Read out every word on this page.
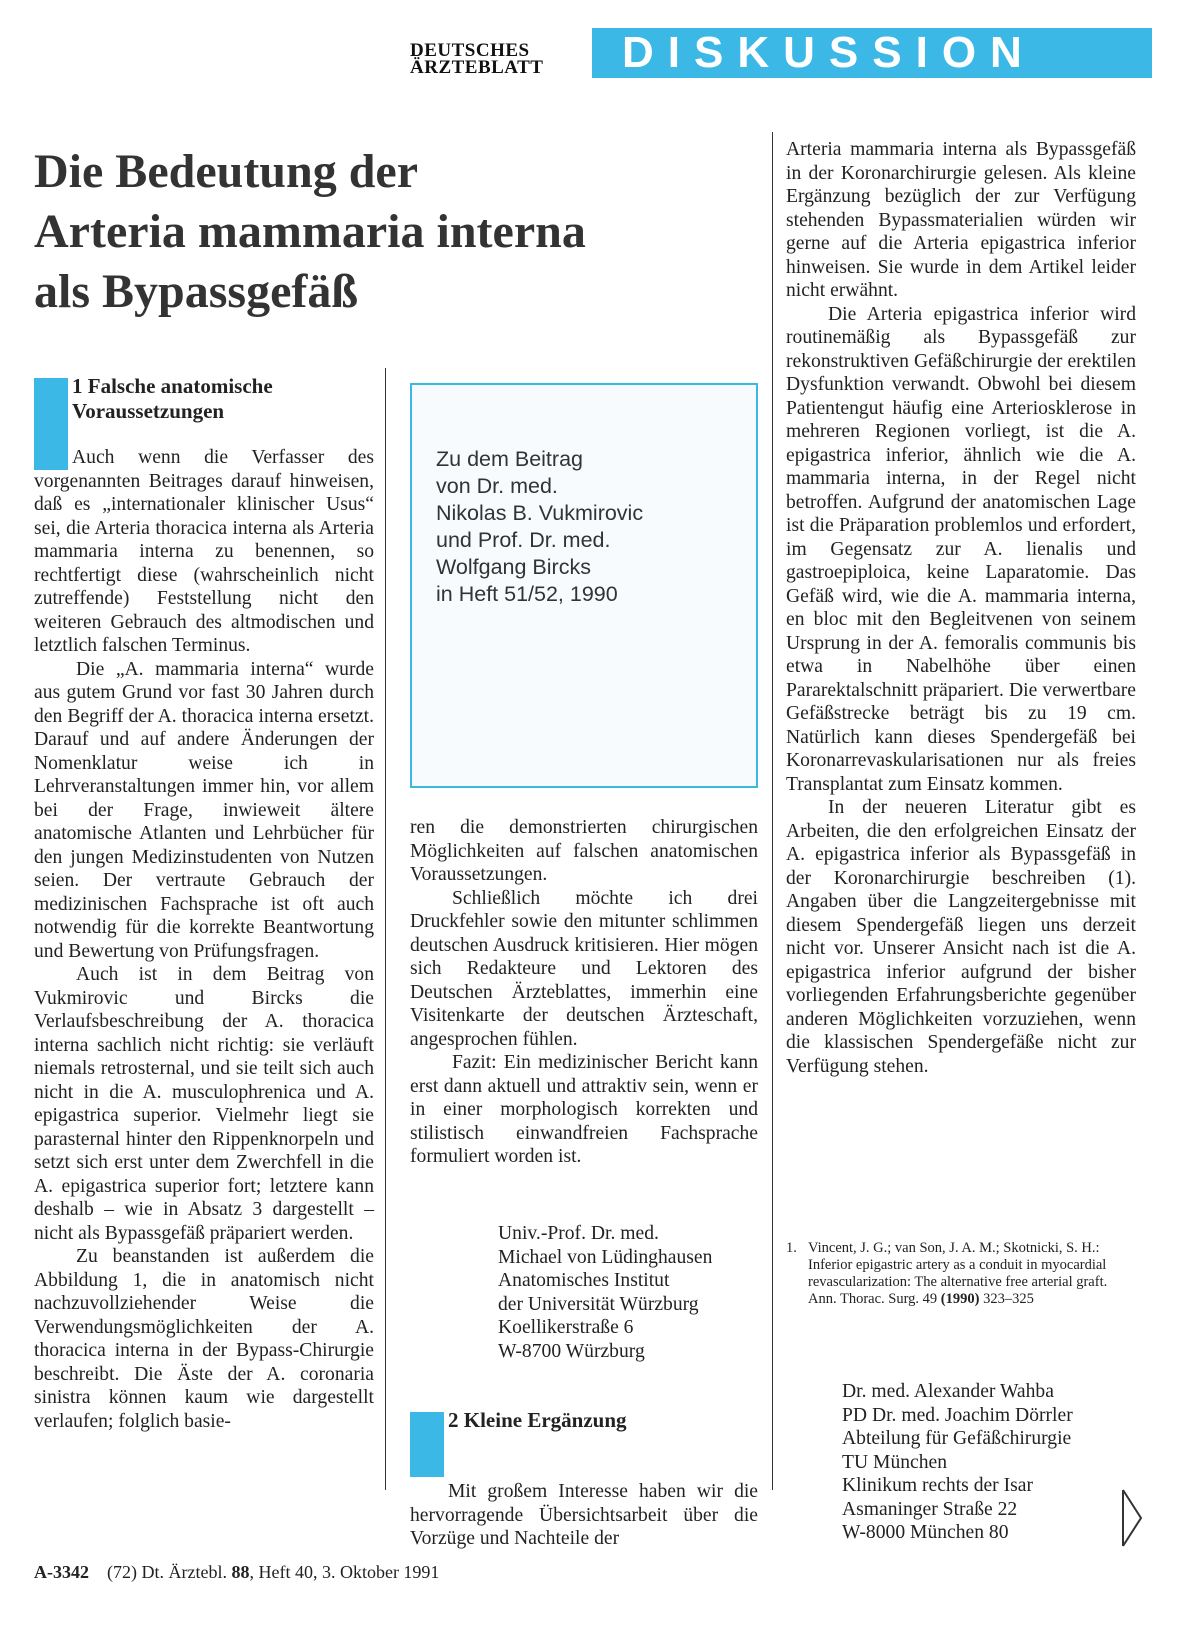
DEUTSCHES
ÄRZTEBLATT	DISKUSSION
Die Bedeutung der
Arteria mammaria interna
als Bypassgefäß
1 Falsche anatomische
Voraussetzungen

Auch wenn die Verfasser des vorgenannten Beitrages darauf hinweisen, daß es „internationaler klinischer Usus“ sei, die Arteria thoracica interna als Arteria mammaria interna zu benennen, so rechtfertigt diese (wahrscheinlich nicht zutreffende) Feststellung nicht den weiteren Gebrauch des altmodischen und letztlich falschen Terminus.

Die „A. mammaria interna“ wurde aus gutem Grund vor fast 30 Jahren durch den Begriff der A. thoracica interna ersetzt. Darauf und auf andere Änderungen der Nomenklatur weise ich in Lehrveranstaltungen immer hin, vor allem bei der Frage, inwieweit ältere anatomische Atlanten und Lehrbücher für den jungen Medizinstudenten von Nutzen seien. Der vertraute Gebrauch der medizinischen Fachsprache ist oft auch notwendig für die korrekte Beantwortung und Bewertung von Prüfungsfragen.

Auch ist in dem Beitrag von Vukmirovic und Bircks die Verlaufsbeschreibung der A. thoracica interna sachlich nicht richtig: sie verläuft niemals retrosternal, und sie teilt sich auch nicht in die A. musculophrenica und A. epigastrica superior. Vielmehr liegt sie parasternal hinter den Rippenknorpeln und setzt sich erst unter dem Zwerchfell in die A. epigastrica superior fort; letztere kann deshalb – wie in Absatz 3 dargestellt – nicht als Bypassgefäß präpariert werden.

Zu beanstanden ist außerdem die Abbildung 1, die in anatomisch nicht nachzuvollziehender Weise die Verwendungsmöglichkeiten der A. thoracica interna in der Bypass-Chirurgie beschreibt. Die Äste der A. coronaria sinistra können kaum wie dargestellt verlaufen; folglich basie-

Zu dem Beitrag
von Dr. med.
Nikolas B. Vukmirovic
und Prof. Dr. med.
Wolfgang Bircks
in Heft 51/52, 1990

ren die demonstrierten chirurgischen Möglichkeiten auf falschen anatomischen Voraussetzungen.

Schließlich möchte ich drei Druckfehler sowie den mitunter schlimmen deutschen Ausdruck kritisieren. Hier mögen sich Redakteure und Lektoren des Deutschen Ärzteblattes, immerhin eine Visitenkarte der deutschen Ärzteschaft, angesprochen fühlen.

Fazit: Ein medizinischer Bericht kann erst dann aktuell und attraktiv sein, wenn er in einer morphologisch korrekten und stilistisch einwandfreien Fachsprache formuliert worden ist.

Univ.-Prof. Dr. med.
Michael von Lüdinghausen
Anatomisches Institut
der Universität Würzburg
Koellikerstraße 6
W-8700 Würzburg
2 Kleine Ergänzung

Mit großem Interesse haben wir die hervorragende Übersichtsarbeit über die Vorzüge und Nachteile der

Arteria mammaria interna als Bypassgefäß in der Koronarchirurgie gelesen. Als kleine Ergänzung bezüglich der zur Verfügung stehenden Bypassmaterialien würden wir gerne auf die Arteria epigastrica inferior hinweisen. Sie wurde in dem Artikel leider nicht erwähnt.

Die Arteria epigastrica inferior wird routinemäßig als Bypassgefäß zur rekonstruktiven Gefäßchirurgie der erektilen Dysfunktion verwandt. Obwohl bei diesem Patientengut häufig eine Arteriosklerose in mehreren Regionen vorliegt, ist die A. epigastrica inferior, ähnlich wie die A. mammaria interna, in der Regel nicht betroffen. Aufgrund der anatomischen Lage ist die Präparation problemlos und erfordert, im Gegensatz zur A. lienalis und gastroepiploica, keine Laparatomie. Das Gefäß wird, wie die A. mammaria interna, en bloc mit den Begleitvenen von seinem Ursprung in der A. femoralis communis bis etwa in Nabelhöhe über einen Pararektalschnitt präpariert. Die verwertbare Gefäßstrecke beträgt bis zu 19 cm. Natürlich kann dieses Spendergefäß bei Koronarrevaskularisationen nur als freies Transplantat zum Einsatz kommen.

In der neueren Literatur gibt es Arbeiten, die den erfolgreichen Einsatz der A. epigastrica inferior als Bypassgefäß in der Koronarchirurgie beschreiben (1). Angaben über die Langzeitergebnisse mit diesem Spendergefäß liegen uns derzeit nicht vor. Unserer Ansicht nach ist die A. epigastrica inferior aufgrund der bisher vorliegenden Erfahrungsberichte gegenüber anderen Möglichkeiten vorzuziehen, wenn die klassischen Spendergefäße nicht zur Verfügung stehen.

1. Vincent, J. G.; van Son, J. A. M.; Skotnicki, S. H.: Inferior epigastric artery as a conduit in myocardial revascularization: The alternative free arterial graft. Ann. Thorac. Surg. 49 (1990) 323–325
Dr. med. Alexander Wahba
PD Dr. med. Joachim Dörrler
Abteilung für Gefäßchirurgie
TU München
Klinikum rechts der Isar
Asmaninger Straße 22
W-8000 München 80
A-3342 (72) Dt. Ärztebl. 88, Heft 40, 3. Oktober 1991
